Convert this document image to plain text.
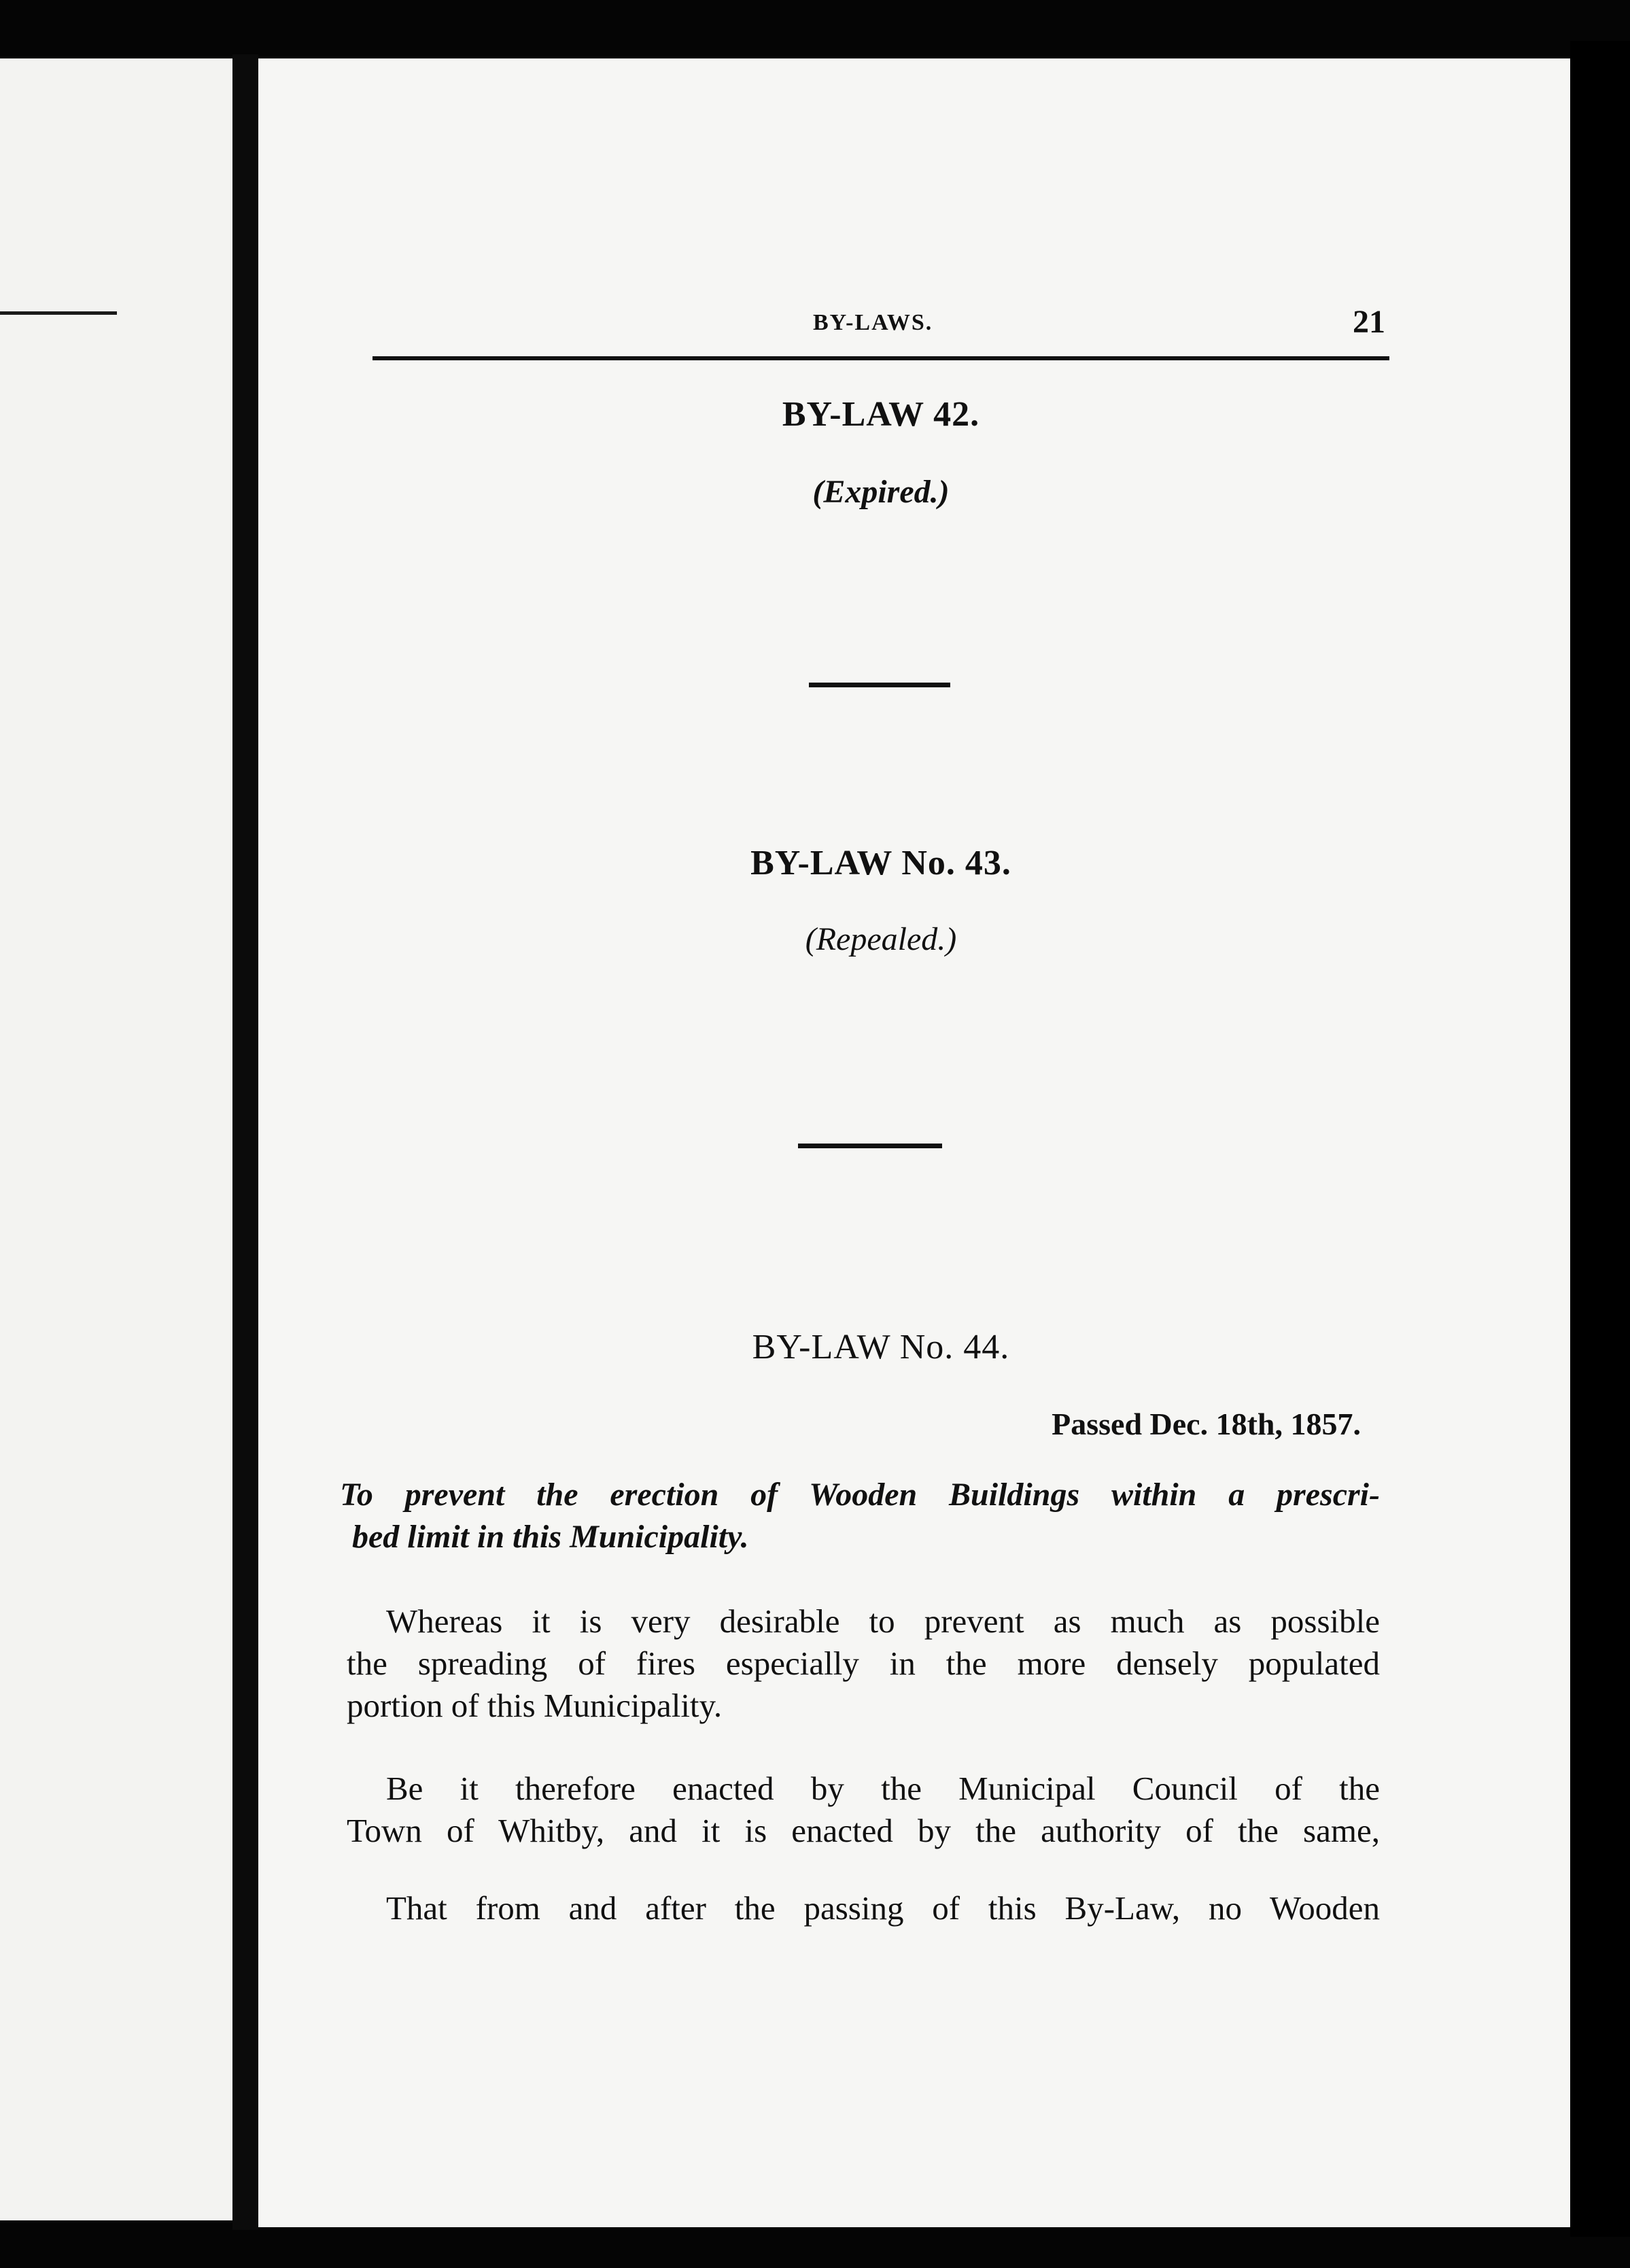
BY-LAWS.	21
BY-LAW 42.
(Expired.)
BY-LAW No. 43.
(Repealed.)
BY-LAW No. 44.
Passed Dec. 18th, 1857.
To prevent the erection of Wooden Buildings within a prescri-
bed limit in this Municipality.
Whereas it is very desirable to prevent as much as possible
the spreading of fires especially in the more densely populated
portion of this Municipality.
Be it therefore enacted by the Municipal Council of the
Town of Whitby, and it is enacted by the authority of the same,
That from and after the passing of this By-Law, no Wooden
